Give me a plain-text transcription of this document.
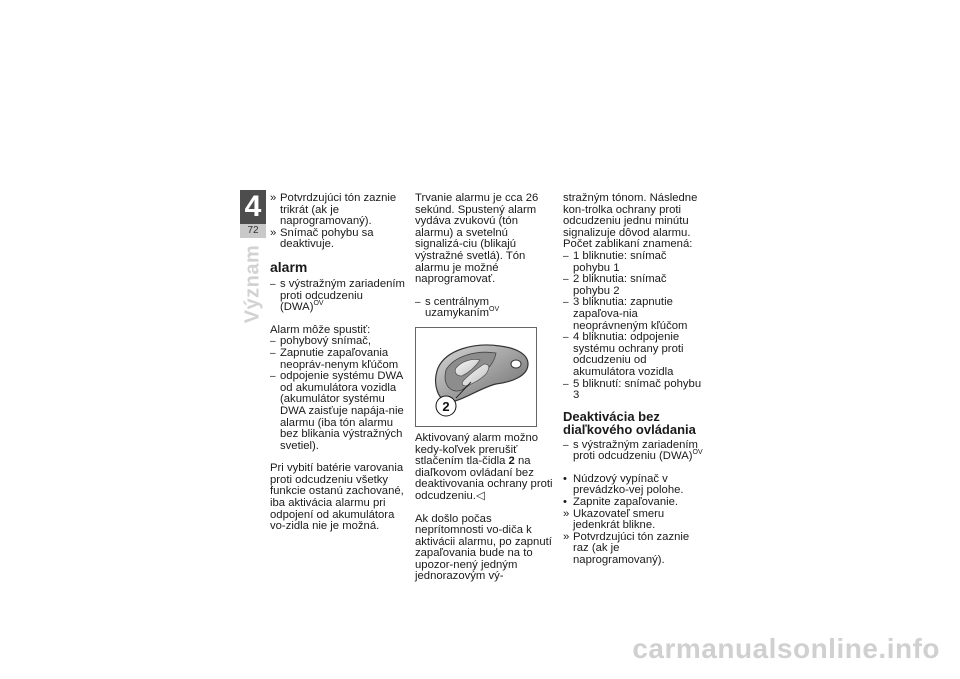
4
72
Význam
» Potvrdzujúci tón zaznie trikrát (ak je naprogramovaný).
» Snímač pohybu sa deaktivuje.
alarm
– s výstražným zariadením proti odcudzeniu (DWA)$^{OV}$

Alarm môže spustiť:

– pohybový snímač,
– Zapnutie zapaľovania neopráv-nenym kľúčom
– odpojenie systému DWA od akumulátora vozidla (akumulátor systému DWA zaisťuje napája-nie alarmu (iba tón alarmu bez blikania výstražných svetiel).

Pri vybití batérie varovania proti odcudzeniu všetky funkcie ostanú zachované, iba aktivácia alarmu pri odpojení od akumulátora vo-zidla nie je možná.

Trvanie alarmu je cca 26 sekúnd. Spustený alarm vydáva zvukovú (tón alarmu) a svetelnú signalizá-ciu (blikajú výstražné svetlá). Tón alarmu je možné naprogramovať.

– s centrálnym uzamykaním$^{OV}$
2

Aktivovaný alarm možno kedy-koľvek prerušiť stlačením tla-čidla 2 na diaľkovom ovládaní bez deaktivovania ochrany proti odcudzeniu.◁

Ak došlo počas neprítomnosti vo-diča k aktivácii alarmu, po zapnutí zapaľovania bude na to upozor-nený jedným jednorazovým vý-

stražným tónom. Následne kon-trolka ochrany proti odcudzeniu jednu minútu signalizuje dôvod alarmu.

Počet zablikaní znamená:

– 1 bliknutie: snímač pohybu 1
– 2 bliknutia: snímač pohybu 2
– 3 bliknutia: zapnutie zapaľova-nia neoprávneným kľúčom
– 4 bliknutia: odpojenie systému ochrany proti odcudzeniu od akumulátora vozidla
– 5 bliknutí: snímač pohybu 3
Deaktivácia bez
diaľkového ovládania
– s výstražným zariadením proti odcudzeniu (DWA)$^{OV}$
• Núdzový vypínač v prevádzko-vej polohe.
• Zapnite zapaľovanie.
» Ukazovateľ smeru jedenkrát blikne.
» Potvrdzujúci tón zaznie raz (ak je naprogramovaný).
carmanualsonline.info
